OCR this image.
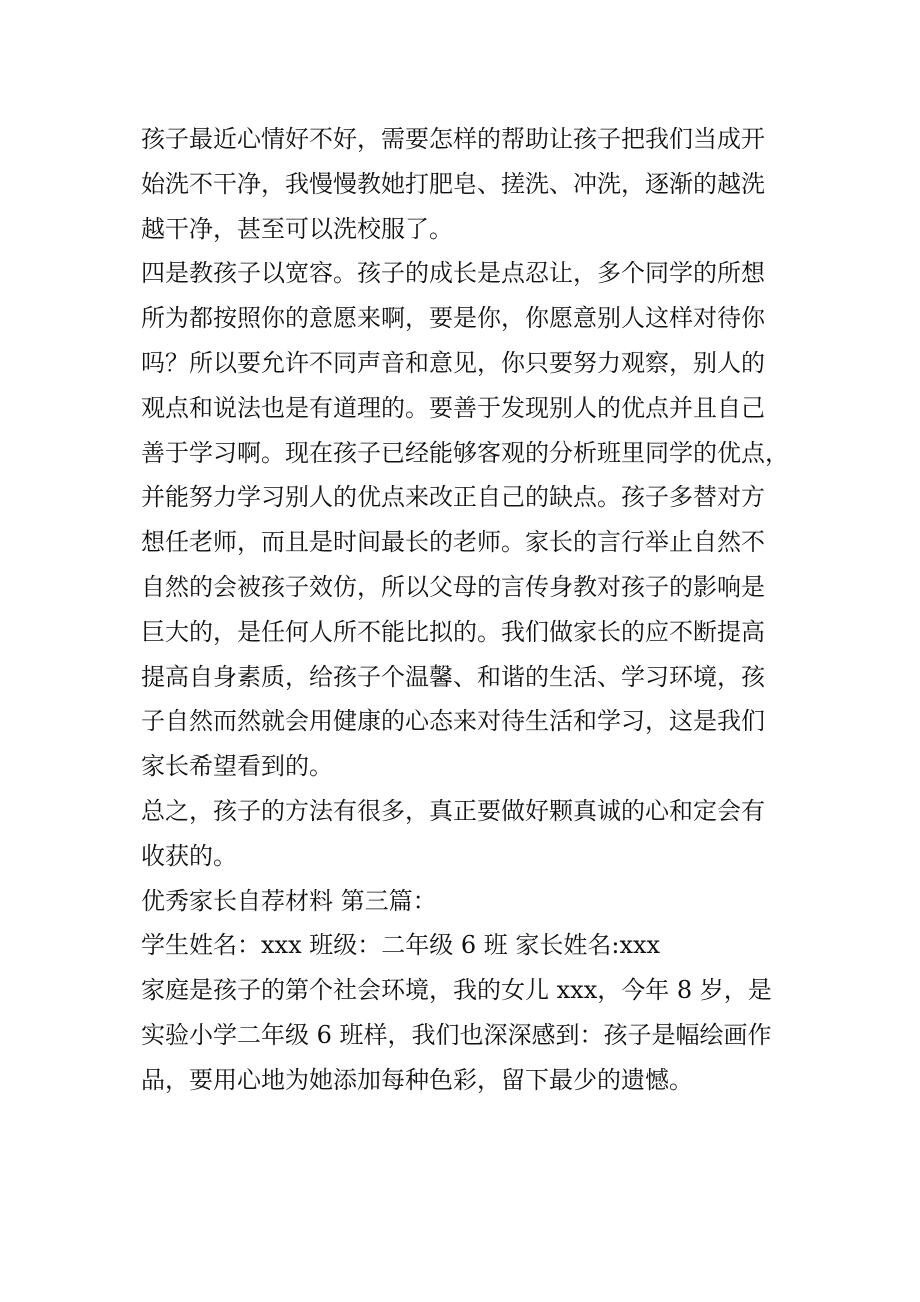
孩子最近心情好不好，需要怎样的帮助让孩子把我们当成开
始洗不干净，我慢慢教她打肥皂、搓洗、冲洗，逐渐的越洗
越干净，甚至可以洗校服了。
四是教孩子以宽容。孩子的成长是点忍让，多个同学的所想
所为都按照你的意愿来啊，要是你，你愿意别人这样对待你
吗？所以要允许不同声音和意见，你只要努力观察，别人的
观点和说法也是有道理的。要善于发现别人的优点并且自己
善于学习啊。现在孩子已经能够客观的分析班里同学的优点，
并能努力学习别人的优点来改正自己的缺点。孩子多替对方
想任老师，而且是时间最长的老师。家长的言行举止自然不
自然的会被孩子效仿，所以父母的言传身教对孩子的影响是
巨大的，是任何人所不能比拟的。我们做家长的应不断提高
提高自身素质，给孩子个温馨、和谐的生活、学习环境，孩
子自然而然就会用健康的心态来对待生活和学习，这是我们
家长希望看到的。
总之，孩子的方法有很多，真正要做好颗真诚的心和定会有
收获的。
优秀家长自荐材料 第三篇：
学生姓名：xxx 班级：二年级 6 班 家长姓名:xxx
家庭是孩子的第个社会环境，我的女儿 xxx，今年 8 岁，是
实验小学二年级 6 班样，我们也深深感到：孩子是幅绘画作
品，要用心地为她添加每种色彩，留下最少的遗憾。
